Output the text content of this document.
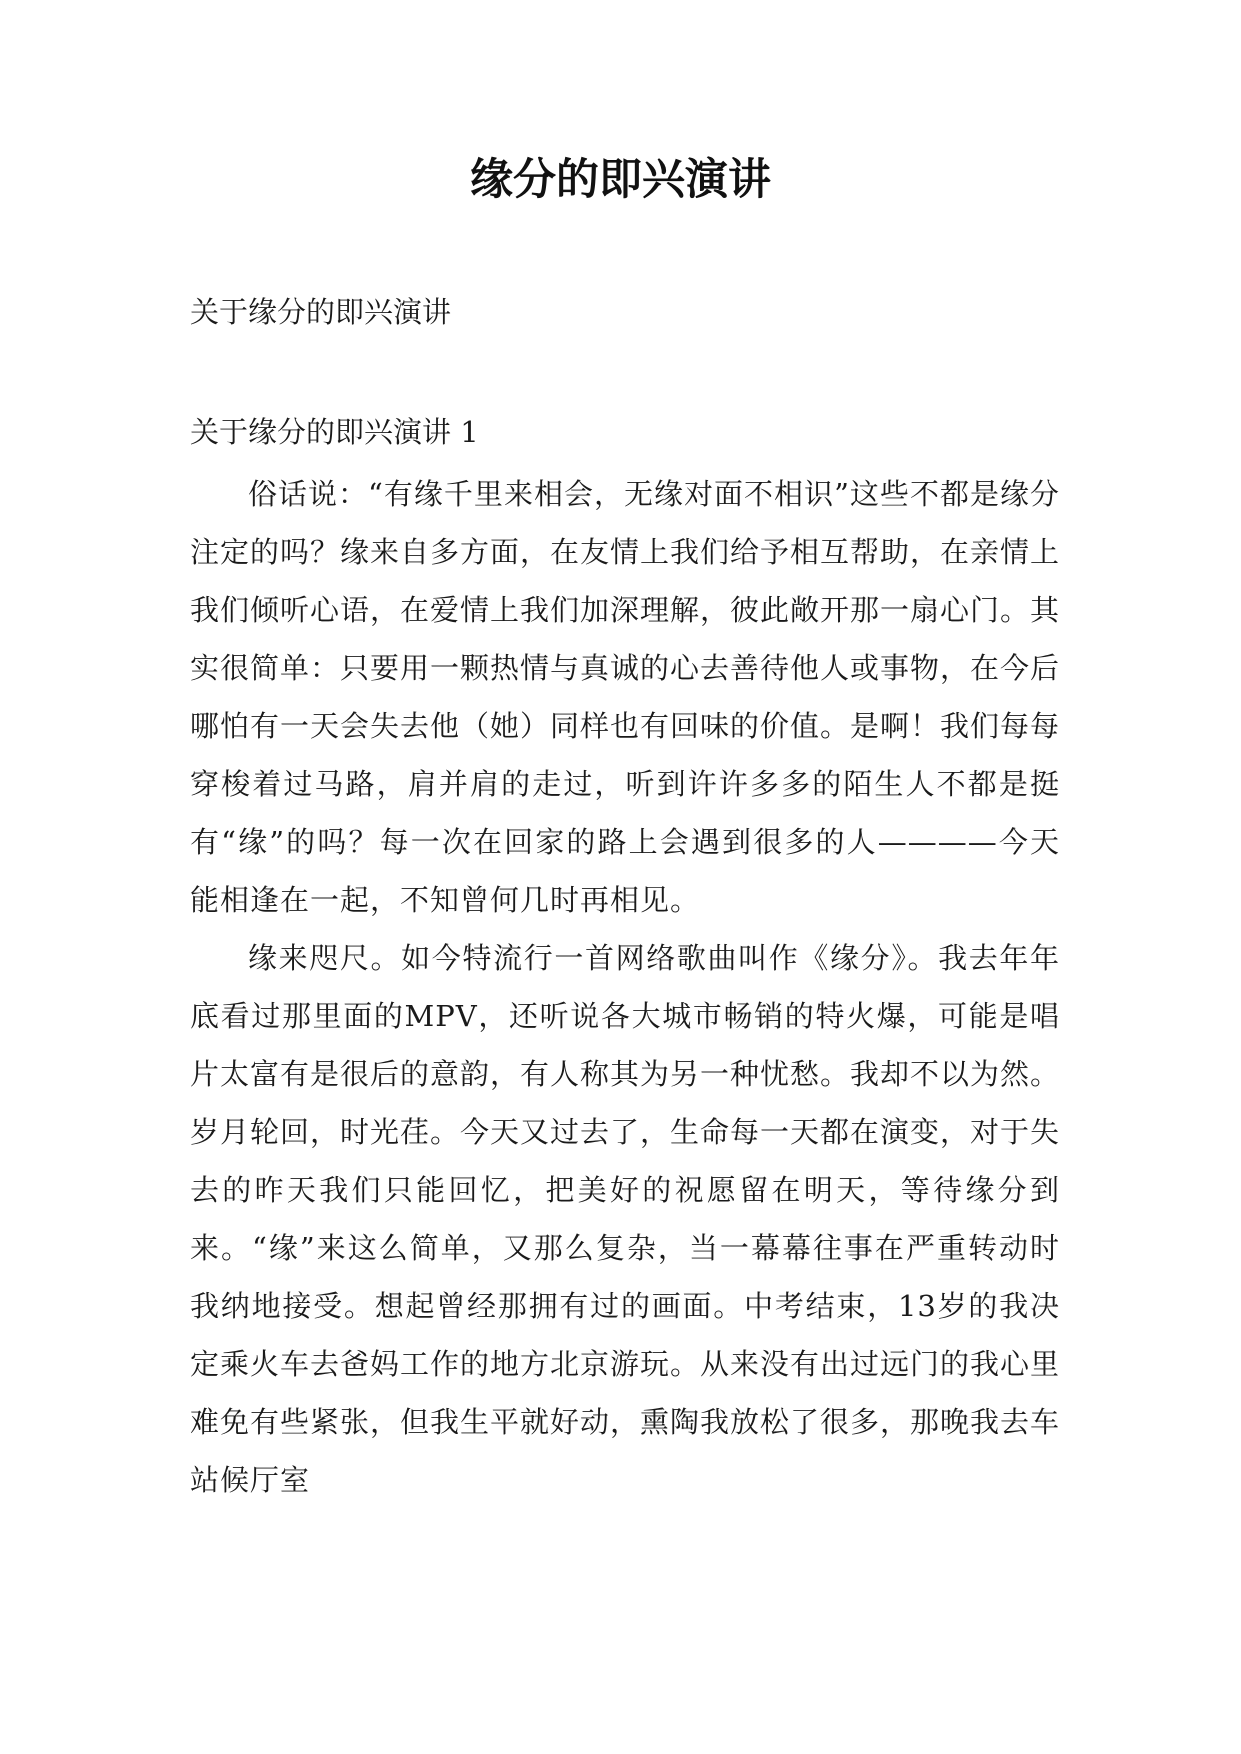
缘分的即兴演讲
关于缘分的即兴演讲
关于缘分的即兴演讲 1

俗话说：“有缘千里来相会，无缘对面不相识”这些不都是缘分注定的吗？缘来自多方面，在友情上我们给予相互帮助，在亲情上我们倾听心语，在爱情上我们加深理解，彼此敞开那一扇心门。其实很简单：只要用一颗热情与真诚的心去善待他人或事物，在今后哪怕有一天会失去他（她）同样也有回味的价值。是啊！我们每每穿梭着过马路，肩并肩的走过，听到许许多多的陌生人不都是挺有“缘”的吗？每一次在回家的路上会遇到很多的人————今天能相逢在一起，不知曾何几时再相见。

缘来咫尺。如今特流行一首网络歌曲叫作《缘分》。我去年年底看过那里面的MPV，还听说各大城市畅销的特火爆，可能是唱片太富有是很后的意韵，有人称其为另一种忧愁。我却不以为然。岁月轮回，时光荏。今天又过去了，生命每一天都在演变，对于失去的昨天我们只能回忆，把美好的祝愿留在明天，等待缘分到来。“缘”来这么简单，又那么复杂，当一幕幕往事在严重转动时我纳地接受。想起曾经那拥有过的画面。中考结束，13岁的我决定乘火车去爸妈工作的地方北京游玩。从来没有出过远门的我心里难免有些紧张，但我生平就好动，熏陶我放松了很多，那晚我去车站候厅室
